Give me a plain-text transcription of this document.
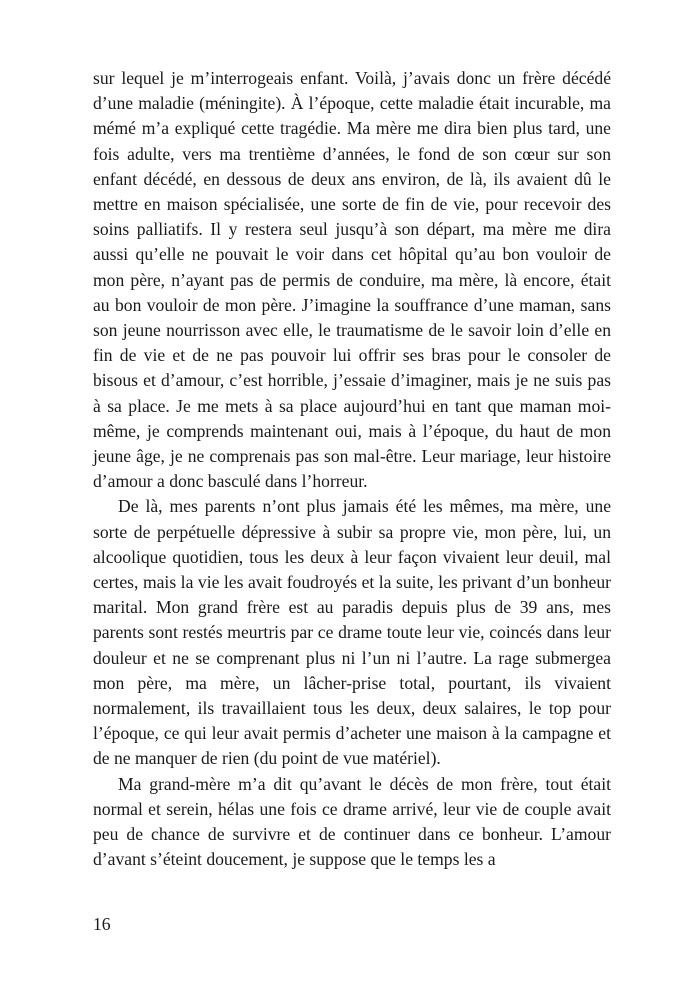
sur lequel je m’interrogeais enfant. Voilà, j’avais donc un frère décédé d’une maladie (méningite). À l’époque, cette maladie était incurable, ma mémé m’a expliqué cette tragédie. Ma mère me dira bien plus tard, une fois adulte, vers ma trentième d’années, le fond de son cœur sur son enfant décédé, en dessous de deux ans environ, de là, ils avaient dû le mettre en maison spécialisée, une sorte de fin de vie, pour recevoir des soins palliatifs. Il y restera seul jusqu’à son départ, ma mère me dira aussi qu’elle ne pouvait le voir dans cet hôpital qu’au bon vouloir de mon père, n’ayant pas de permis de conduire, ma mère, là encore, était au bon vouloir de mon père. J’imagine la souffrance d’une maman, sans son jeune nourrisson avec elle, le traumatisme de le savoir loin d’elle en fin de vie et de ne pas pouvoir lui offrir ses bras pour le consoler de bisous et d’amour, c’est horrible, j’essaie d’imaginer, mais je ne suis pas à sa place. Je me mets à sa place aujourd’hui en tant que maman moi-même, je comprends maintenant oui, mais à l’époque, du haut de mon jeune âge, je ne comprenais pas son mal-être. Leur mariage, leur histoire d’amour a donc basculé dans l’horreur.

De là, mes parents n’ont plus jamais été les mêmes, ma mère, une sorte de perpétuelle dépressive à subir sa propre vie, mon père, lui, un alcoolique quotidien, tous les deux à leur façon vivaient leur deuil, mal certes, mais la vie les avait foudroyés et la suite, les privant d’un bonheur marital. Mon grand frère est au paradis depuis plus de 39 ans, mes parents sont restés meurtris par ce drame toute leur vie, coincés dans leur douleur et ne se comprenant plus ni l’un ni l’autre. La rage submergea mon père, ma mère, un lâcher-prise total, pourtant, ils vivaient normalement, ils travaillaient tous les deux, deux salaires, le top pour l’époque, ce qui leur avait permis d’acheter une maison à la campagne et de ne manquer de rien (du point de vue matériel).

Ma grand-mère m’a dit qu’avant le décès de mon frère, tout était normal et serein, hélas une fois ce drame arrivé, leur vie de couple avait peu de chance de survivre et de continuer dans ce bonheur. L’amour d’avant s’éteint doucement, je suppose que le temps les a

16
